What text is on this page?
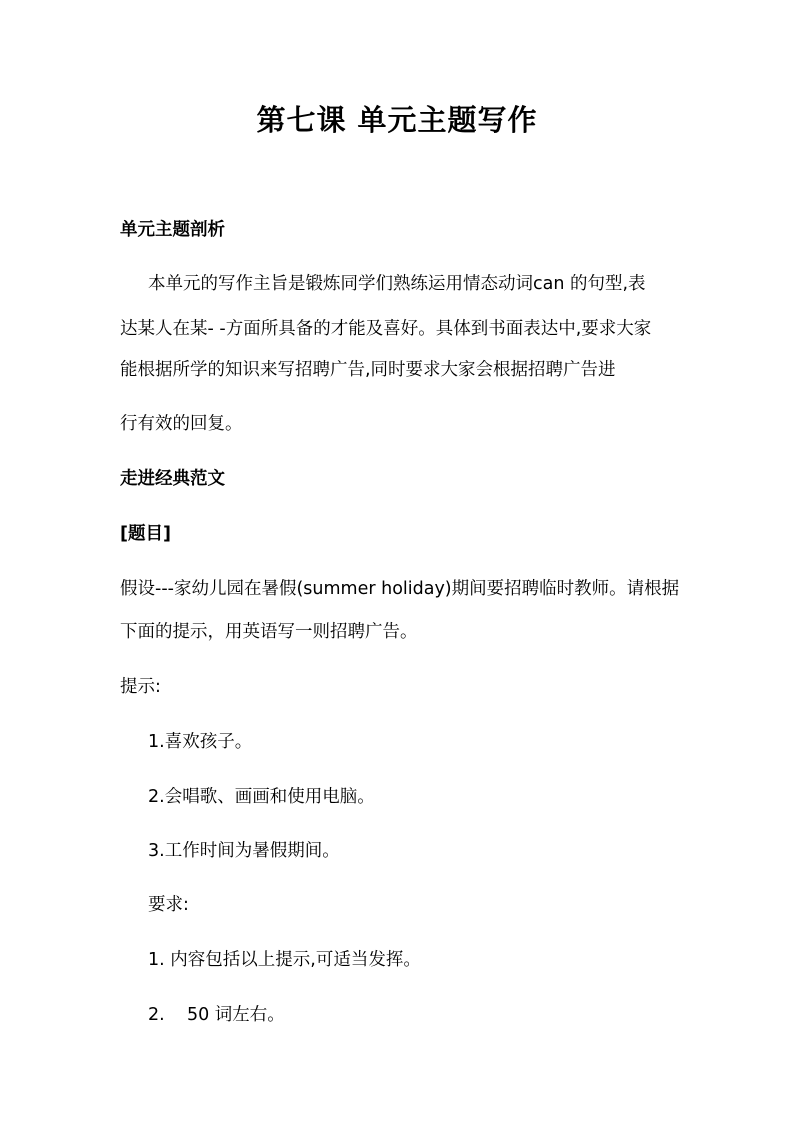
第七课 单元主题写作
单元主题剖析
本单元的写作主旨是锻炼同学们熟练运用情态动词can 的句型,表
达某人在某- -方面所具备的才能及喜好。具体到书面表达中,要求大家
能根据所学的知识来写招聘广告,同时要求大家会根据招聘广告进
行有效的回复。
走进经典范文
[题目]
假设---家幼儿园在暑假(summer holiday)期间要招聘临时教师。请根据
下面的提示，用英语写一则招聘广告。
提示:
1.喜欢孩子。
2.会唱歌、画画和使用电脑。
3.工作时间为暑假期间。
要求:
1. 内容包括以上提示,可适当发挥。
2.    50 词左右。
